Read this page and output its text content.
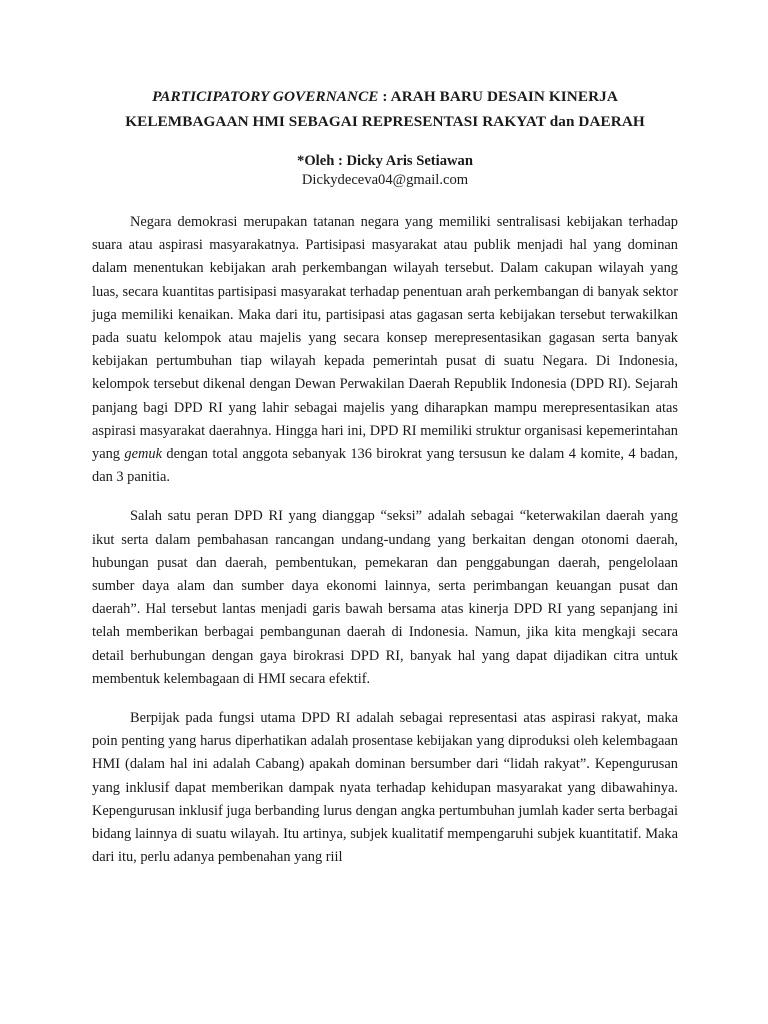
PARTICIPATORY GOVERNANCE : ARAH BARU DESAIN KINERJA
KELEMBAGAAN HMI SEBAGAI REPRESENTASI RAKYAT dan DAERAH
*Oleh : Dicky Aris Setiawan
Dickydeceva04@gmail.com

Negara demokrasi merupakan tatanan negara yang memiliki sentralisasi kebijakan terhadap suara atau aspirasi masyarakatnya. Partisipasi masyarakat atau publik menjadi hal yang dominan dalam menentukan kebijakan arah perkembangan wilayah tersebut. Dalam cakupan wilayah yang luas, secara kuantitas partisipasi masyarakat terhadap penentuan arah perkembangan di banyak sektor juga memiliki kenaikan. Maka dari itu, partisipasi atas gagasan serta kebijakan tersebut terwakilkan pada suatu kelompok atau majelis yang secara konsep merepresentasikan gagasan serta banyak kebijakan pertumbuhan tiap wilayah kepada pemerintah pusat di suatu Negara. Di Indonesia, kelompok tersebut dikenal dengan Dewan Perwakilan Daerah Republik Indonesia (DPD RI). Sejarah panjang bagi DPD RI yang lahir sebagai majelis yang diharapkan mampu merepresentasikan atas aspirasi masyarakat daerahnya. Hingga hari ini, DPD RI memiliki struktur organisasi kepemerintahan yang gemuk dengan total anggota sebanyak 136 birokrat yang tersusun ke dalam 4 komite, 4 badan, dan 3 panitia.

Salah satu peran DPD RI yang dianggap “seksi” adalah sebagai “keterwakilan daerah yang ikut serta dalam pembahasan rancangan undang-undang yang berkaitan dengan otonomi daerah, hubungan pusat dan daerah, pembentukan, pemekaran dan penggabungan daerah, pengelolaan sumber daya alam dan sumber daya ekonomi lainnya, serta perimbangan keuangan pusat dan daerah”. Hal tersebut lantas menjadi garis bawah bersama atas kinerja DPD RI yang sepanjang ini telah memberikan berbagai pembangunan daerah di Indonesia. Namun, jika kita mengkaji secara detail berhubungan dengan gaya birokrasi DPD RI, banyak hal yang dapat dijadikan citra untuk membentuk kelembagaan di HMI secara efektif.

Berpijak pada fungsi utama DPD RI adalah sebagai representasi atas aspirasi rakyat, maka poin penting yang harus diperhatikan adalah prosentase kebijakan yang diproduksi oleh kelembagaan HMI (dalam hal ini adalah Cabang) apakah dominan bersumber dari “lidah rakyat”. Kepengurusan yang inklusif dapat memberikan dampak nyata terhadap kehidupan masyarakat yang dibawahinya. Kepengurusan inklusif juga berbanding lurus dengan angka pertumbuhan jumlah kader serta berbagai bidang lainnya di suatu wilayah. Itu artinya, subjek kualitatif mempengaruhi subjek kuantitatif. Maka dari itu, perlu adanya pembenahan yang riil
